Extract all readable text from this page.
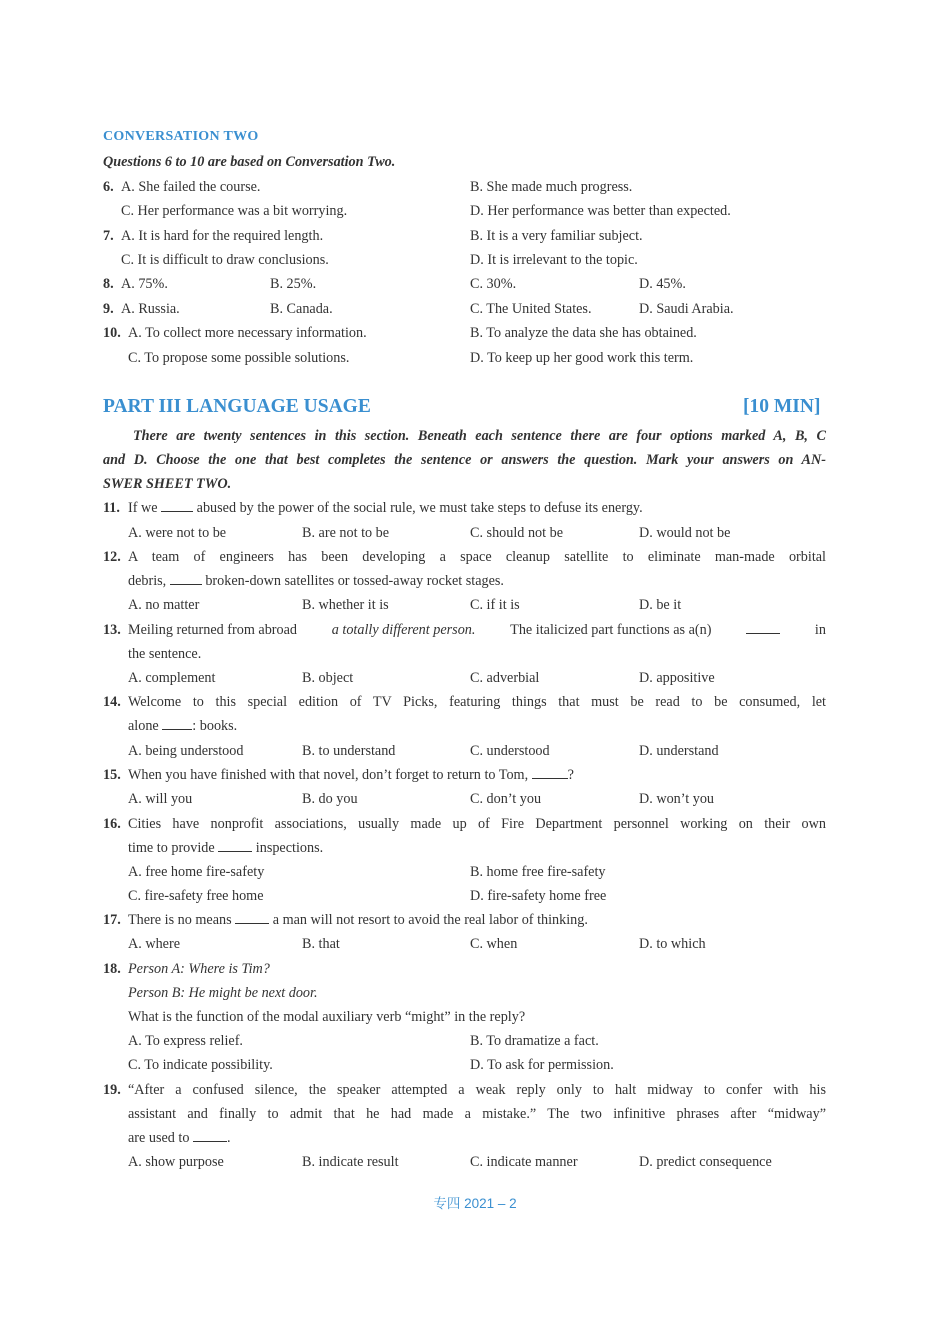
CONVERSATION TWO
Questions 6 to 10 are based on Conversation Two.
6. A. She failed the course.	B. She made much progress.
C. Her performance was a bit worrying.	D. Her performance was better than expected.
7. A. It is hard for the required length.	B. It is a very familiar subject.
C. It is difficult to draw conclusions.	D. It is irrelevant to the topic.
8. A. 75%.	B. 25%.	C. 30%.	D. 45%.
9. A. Russia.	B. Canada.	C. The United States.	D. Saudi Arabia.
10. A. To collect more necessary information.	B. To analyze the data she has obtained.
C. To propose some possible solutions.	D. To keep up her good work this term.
PART III LANGUAGE USAGE	[10 MIN]
There are twenty sentences in this section. Beneath each sentence there are four options marked A, B, C
and D. Choose the one that best completes the sentence or answers the question. Mark your answers on AN-
SWER SHEET TWO.
11. If we	abused by the power of the social rule, we must take steps to defuse its energy.
A. were not to be	B. are not to be	C. should not be	D. would not be
12. A team of engineers has been developing a space cleanup satellite to eliminate man-made orbital
debris,	broken-down satellites or tossed-away rocket stages.
A. no matter	B. whether it is	C. if it is	D. be it
13. Meiling returned from abroad a totally different person. The italicized part functions as a(n)	in
the sentence.
A. complement	B. object	C. adverbial	D. appositive
14. Welcome to this special edition of TV Picks, featuring things that must be read to be consumed, let
alone : books.
A. being understood	B. to understand	C. understood	D. understand
15. When you have finished with that novel, don’t forget to return to Tom,	?
A. will you	B. do you	C. don’t you	D. won’t you
16. Cities have nonprofit associations, usually made up of Fire Department personnel working on their own
time to provide	inspections.
A. free home fire-safety	B. home free fire-safety
C. fire-safety free home	D. fire-safety home free
17. There is no means	a man will not resort to avoid the real labor of thinking.
A. where	B. that	C. when	D. to which
18. Person A: Where is Tim?
Person B: He might be next door.
What is the function of the modal auxiliary verb “might” in the reply?
A. To express relief.	B. To dramatize a fact.
C. To indicate possibility.	D. To ask for permission.
19. “After a confused silence, the speaker attempted a weak reply only to halt midway to confer with his
assistant and finally to admit that he had made a mistake.” The two infinitive phrases after “midway”
are used to	.
A. show purpose	B. indicate result	C. indicate manner	D. predict consequence
专四 2021 – 2
